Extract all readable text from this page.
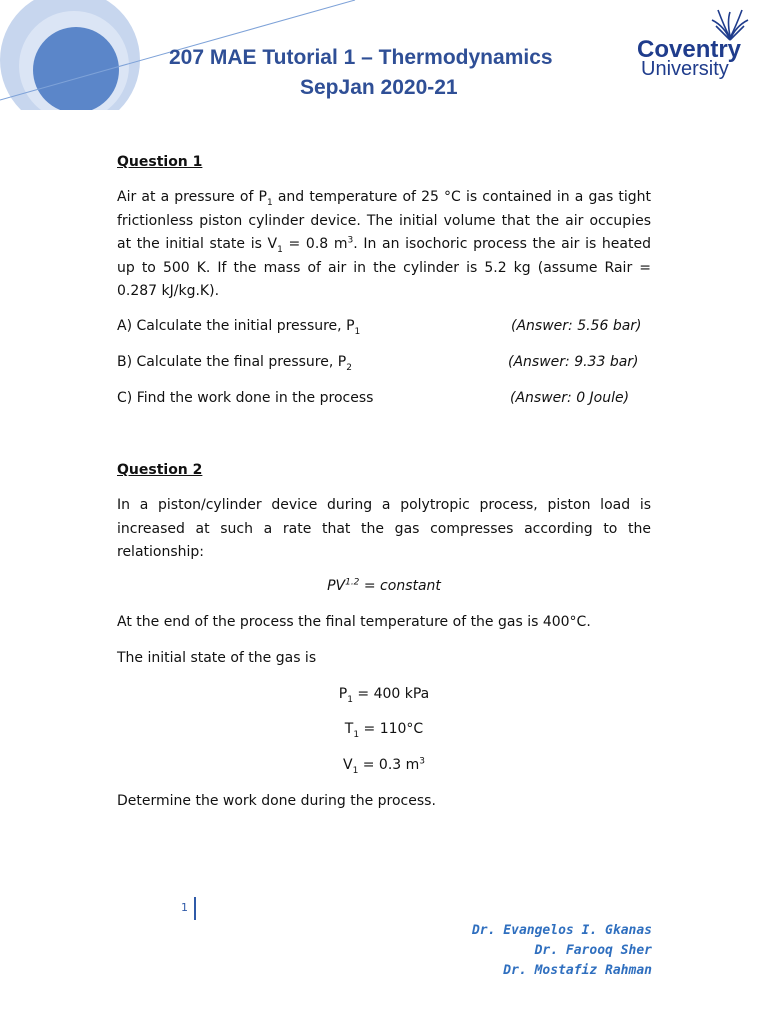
207 MAE Tutorial 1 – Thermodynamics
SepJan 2020-21
Coventry
University
Question 1
Air at a pressure of $P_1$ and temperature of 25 °C is contained in a gas tight frictionless piston cylinder device. The initial volume that the air occupies at the initial state is $V_1 = 0.8$ $m^3$. In an isochoric process the air is heated up to 500 K. If the mass of air in the cylinder is 5.2 kg (assume Rair = 0.287 kJ/kg.K).
A) Calculate the initial pressure, $P_1$	(Answer: 5.56 bar)
B) Calculate the final pressure, $P_2$	(Answer: 9.33 bar)
C) Find the work done in the process	(Answer: 0 Joule)
Question 2
In a piston/cylinder device during a polytropic process, piston load is increased at such a rate that the gas compresses according to the relationship:
$PV^{1.2}$ = constant
At the end of the process the final temperature of the gas is 400°C.
The initial state of the gas is
$P_1 = 400$ kPa
$T_1 = 110^\circ C$
$V_1 = 0.3$ $m^3$
Determine the work done during the process.
1
Dr. Evangelos I. Gkanas
Dr. Farooq Sher
Dr. Mostafiz Rahman
